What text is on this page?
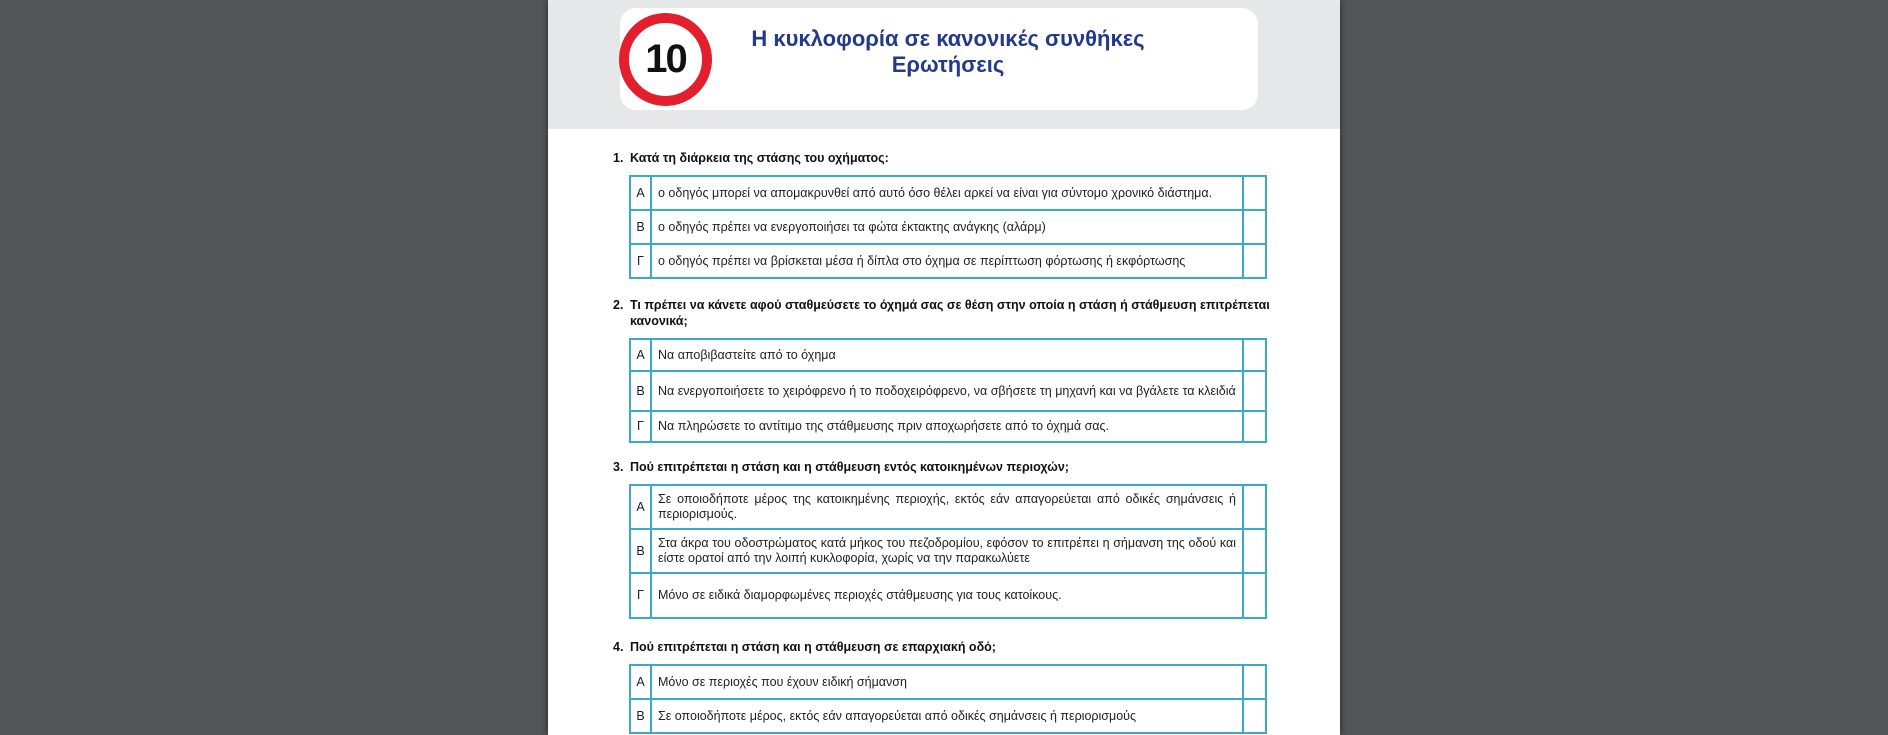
10	Η κυκλοφορία σε κανονικές συνθήκες
Ερωτήσεις
1. Κατά τη διάρκεια της στάσης του οχήματος:
Α	ο οδηγός μπορεί να απομακρυνθεί από αυτό όσο θέλει αρκεί να είναι για σύντομο χρονικό διάστημα.	
Β	ο οδηγός πρέπει να ενεργοποιήσει τα φώτα έκτακτης ανάγκης (αλάρμ)	
Γ	ο οδηγός πρέπει να βρίσκεται μέσα ή δίπλα στο όχημα σε περίπτωση φόρτωσης ή εκφόρτωσης	
2. Τι πρέπει να κάνετε αφού σταθμεύσετε το όχημά σας σε θέση στην οποία η στάση ή στάθμευση επιτρέπεται κανονικά;
Α	Να αποβιβαστείτε από το όχημα	
Β	Να ενεργοποιήσετε το χειρόφρενο ή το ποδοχειρόφρενο, να σβήσετε τη μηχανή και να βγάλετε τα κλειδιά	
Γ	Να πληρώσετε το αντίτιμο της στάθμευσης πριν αποχωρήσετε από το όχημά σας.	
3. Πού επιτρέπεται η στάση και η στάθμευση εντός κατοικημένων περιοχών;
Α	Σε οποιοδήποτε μέρος της κατοικημένης περιοχής, εκτός εάν απαγορεύεται από οδικές σημάνσεις ή περιορισμούς.	
Β	Στα άκρα του οδοστρώματος κατά μήκος του πεζοδρομίου, εφόσον το επιτρέπει η σήμανση της οδού και είστε ορατοί από την λοιπή κυκλοφορία, χωρίς να την παρακωλύετε	
Γ	Μόνο σε ειδικά διαμορφωμένες περιοχές στάθμευσης για τους κατοίκους.	
4. Πού επιτρέπεται η στάση και η στάθμευση σε επαρχιακή οδό;
Α	Μόνο σε περιοχές που έχουν ειδική σήμανση	
Β	Σε οποιοδήποτε μέρος, εκτός εάν απαγορεύεται από οδικές σημάνσεις ή περιορισμούς	
